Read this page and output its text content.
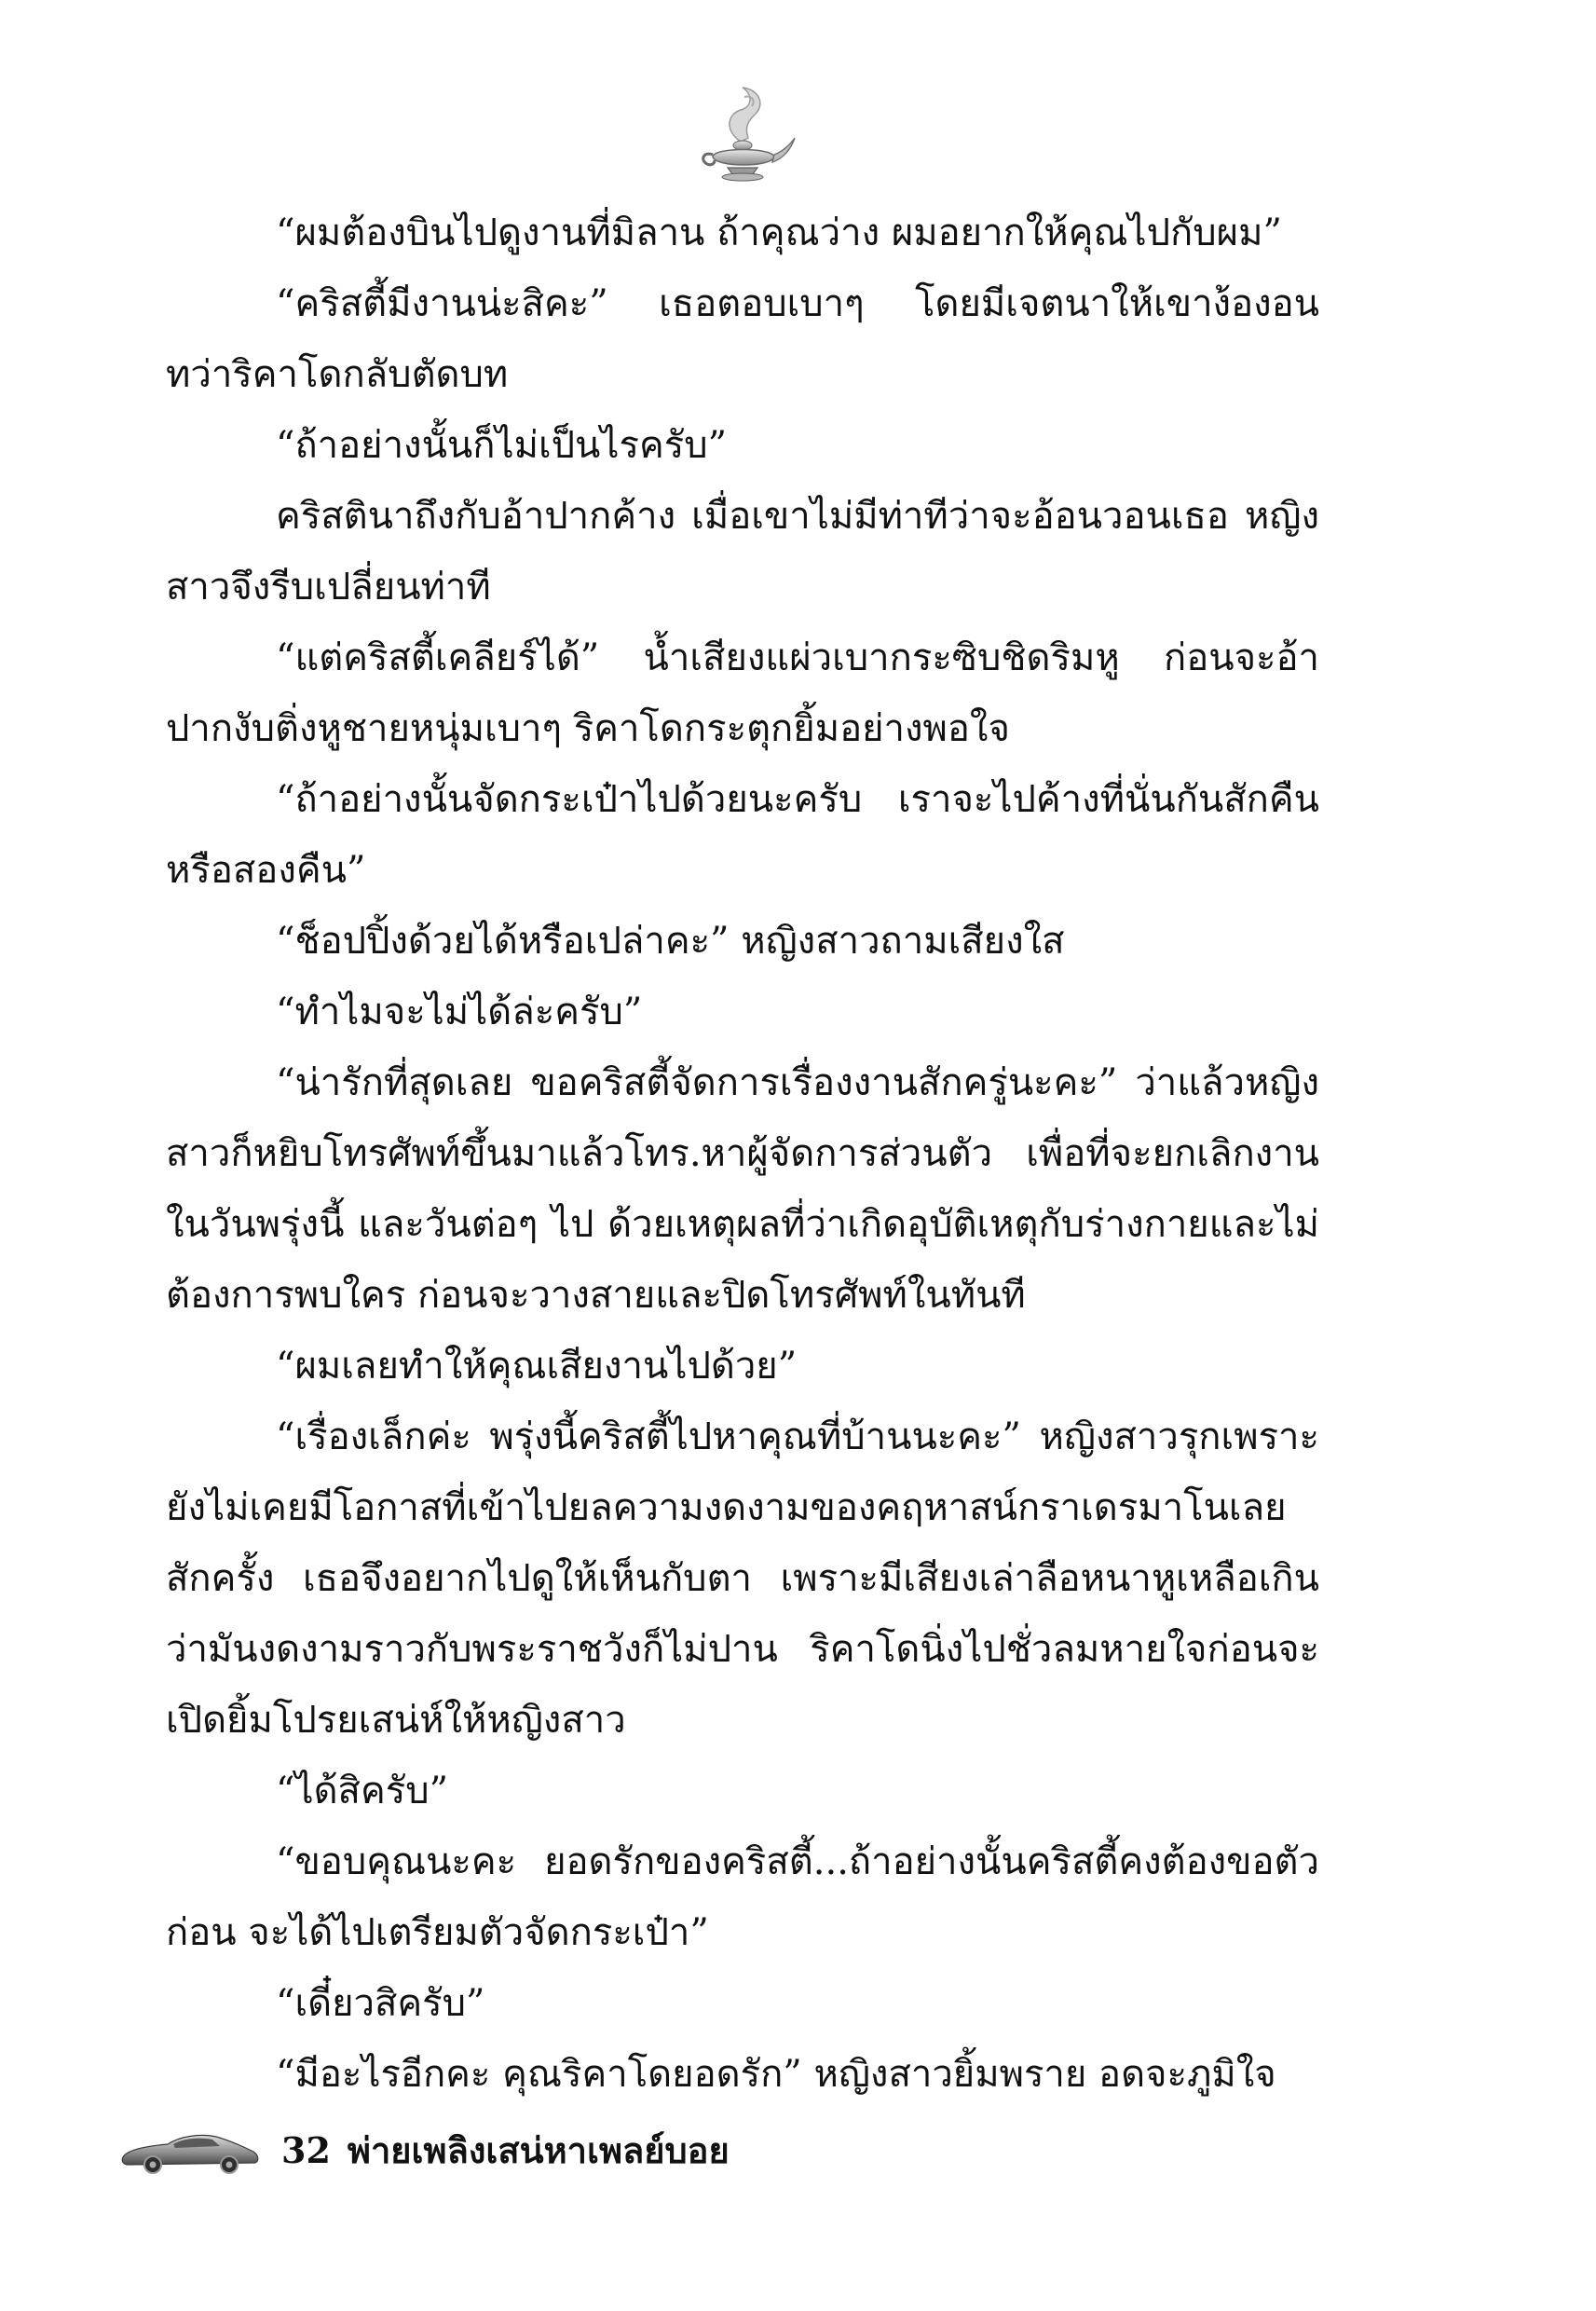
“ผมต้องบินไปดูงานที่มิลาน ถ้าคุณว่าง ผมอยากให้คุณไปกับผม”

“คริสตี้มีงานน่ะสิคะ” เธอตอบเบาๆ โดยมีเจตนาให้เขาง้องอน ทว่าริคาโดกลับตัดบท

“ถ้าอย่างนั้นก็ไม่เป็นไรครับ”

คริสตินาถึงกับอ้าปากค้าง เมื่อเขาไม่มีท่าทีว่าจะอ้อนวอนเธอ หญิงสาวจึงรีบเปลี่ยนท่าที

“แต่คริสตี้เคลียร์ได้” น้ำเสียงแผ่วเบากระซิบชิดริมหู ก่อนจะอ้าปากงับติ่งหูชายหนุ่มเบาๆ ริคาโดกระตุกยิ้มอย่างพอใจ

“ถ้าอย่างนั้นจัดกระเป๋าไปด้วยนะครับ เราจะไปค้างที่นั่นกันสักคืนหรือสองคืน”

“ช็อปปิ้งด้วยได้หรือเปล่าคะ” หญิงสาวถามเสียงใส

“ทำไมจะไม่ได้ล่ะครับ”

“น่ารักที่สุดเลย ขอคริสตี้จัดการเรื่องงานสักครู่นะคะ” ว่าแล้วหญิงสาวก็หยิบโทรศัพท์ขึ้นมาแล้วโทร.หาผู้จัดการส่วนตัว เพื่อที่จะยกเลิกงานในวันพรุ่งนี้ และวันต่อๆ ไป ด้วยเหตุผลที่ว่าเกิดอุบัติเหตุกับร่างกายและไม่ต้องการพบใคร ก่อนจะวางสายและปิดโทรศัพท์ในทันที

“ผมเลยทำให้คุณเสียงานไปด้วย”

“เรื่องเล็กค่ะ พรุ่งนี้คริสตี้ไปหาคุณที่บ้านนะคะ” หญิงสาวรุกเพราะยังไม่เคยมีโอกาสที่เข้าไปยลความงดงามของคฤหาสน์กราเดรมาโนเลยสักครั้ง เธอจึงอยากไปดูให้เห็นกับตา เพราะมีเสียงเล่าลือหนาหูเหลือเกินว่ามันงดงามราวกับพระราชวังก็ไม่ปาน ริคาโดนิ่งไปชั่วลมหายใจก่อนจะเปิดยิ้มโปรยเสน่ห์ให้หญิงสาว

“ได้สิครับ”

“ขอบคุณนะคะ ยอดรักของคริสตี้...ถ้าอย่างนั้นคริสตี้คงต้องขอตัวก่อน จะได้ไปเตรียมตัวจัดกระเป๋า”

“เดี๋ยวสิครับ”

“มีอะไรอีกคะ คุณริคาโดยอดรัก” หญิงสาวยิ้มพราย อดจะภูมิใจ

32 พ่ายเพลิงเสน่หาเพลย์บอย
